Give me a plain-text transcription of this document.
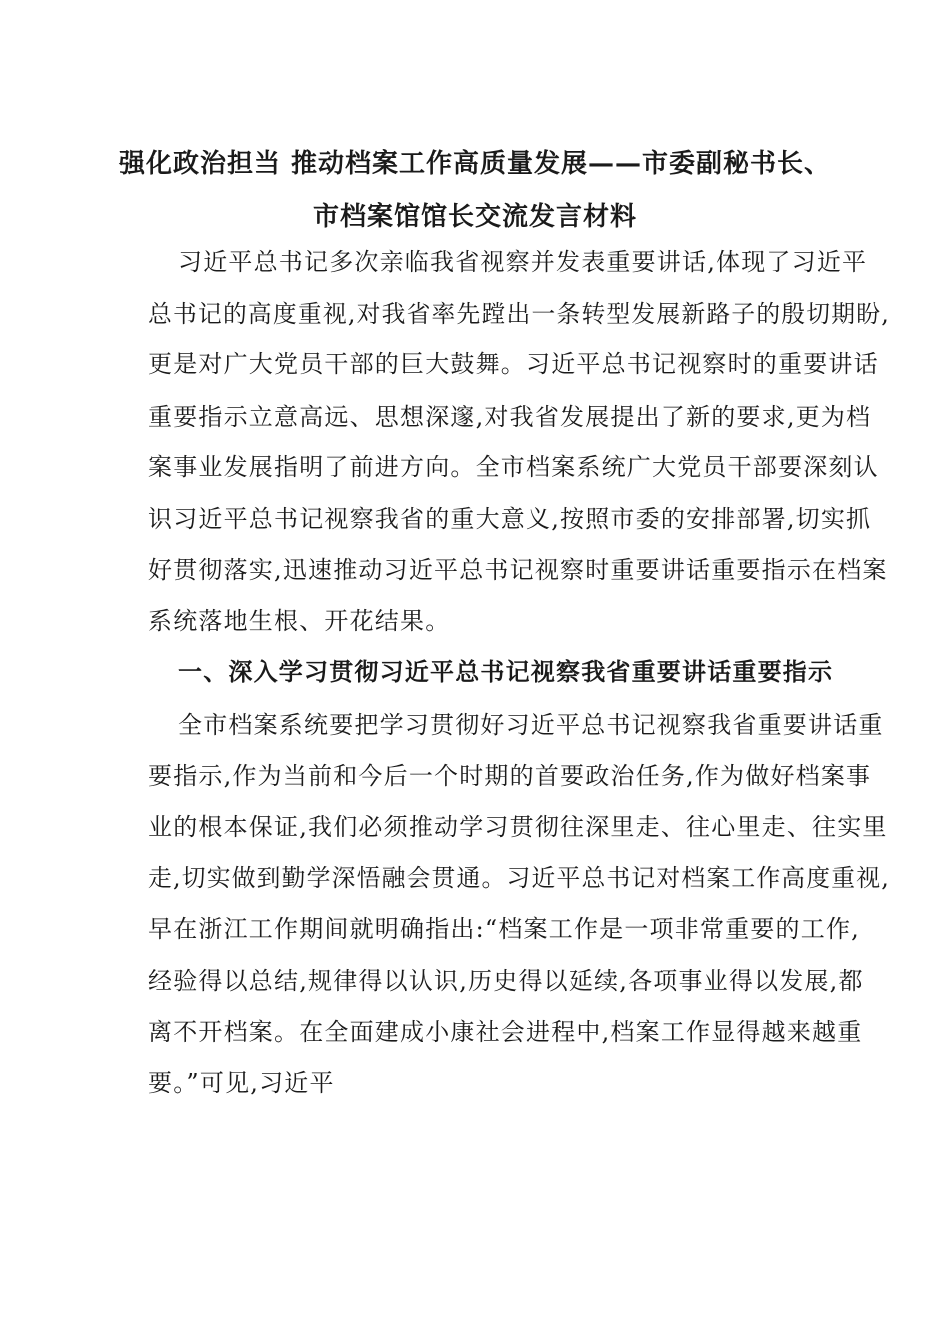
强化政治担当 推动档案工作高质量发展——市委副秘书长、
市档案馆馆长交流发言材料
习近平总书记多次亲临我省视察并发表重要讲话,体现了习近平
总书记的高度重视,对我省率先蹚出一条转型发展新路子的殷切期盼,
更是对广大党员干部的巨大鼓舞。习近平总书记视察时的重要讲话
重要指示立意高远、思想深邃,对我省发展提出了新的要求,更为档
案事业发展指明了前进方向。全市档案系统广大党员干部要深刻认
识习近平总书记视察我省的重大意义,按照市委的安排部署,切实抓
好贯彻落实,迅速推动习近平总书记视察时重要讲话重要指示在档案
系统落地生根、开花结果。
一、深入学习贯彻习近平总书记视察我省重要讲话重要指示
全市档案系统要把学习贯彻好习近平总书记视察我省重要讲话重
要指示,作为当前和今后一个时期的首要政治任务,作为做好档案事
业的根本保证,我们必须推动学习贯彻往深里走、往心里走、往实里
走,切实做到勤学深悟融会贯通。习近平总书记对档案工作高度重视,
早在浙江工作期间就明确指出:“档案工作是一项非常重要的工作,
经验得以总结,规律得以认识,历史得以延续,各项事业得以发展,都
离不开档案。在全面建成小康社会进程中,档案工作显得越来越重
要。”可见,习近平
